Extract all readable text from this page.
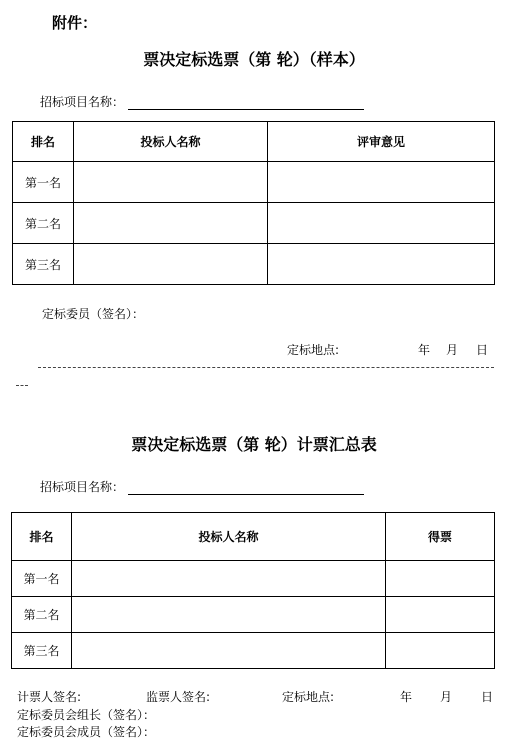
附件：
票决定标选票（第 轮）（样本）
招标项目名称：
排名	投标人名称	评审意见
第一名		
第二名		
第三名		
定标委员（签名）：
定标地点:	年 月 日
票决定标选票（第 轮）计票汇总表
招标项目名称：
排名	投标人名称	得票
第一名		
第二名		
第三名		
计票人签名:	监票人签名:	定标地点:	年 月 日
定标委员会组长（签名）：
定标委员会成员（签名）：
